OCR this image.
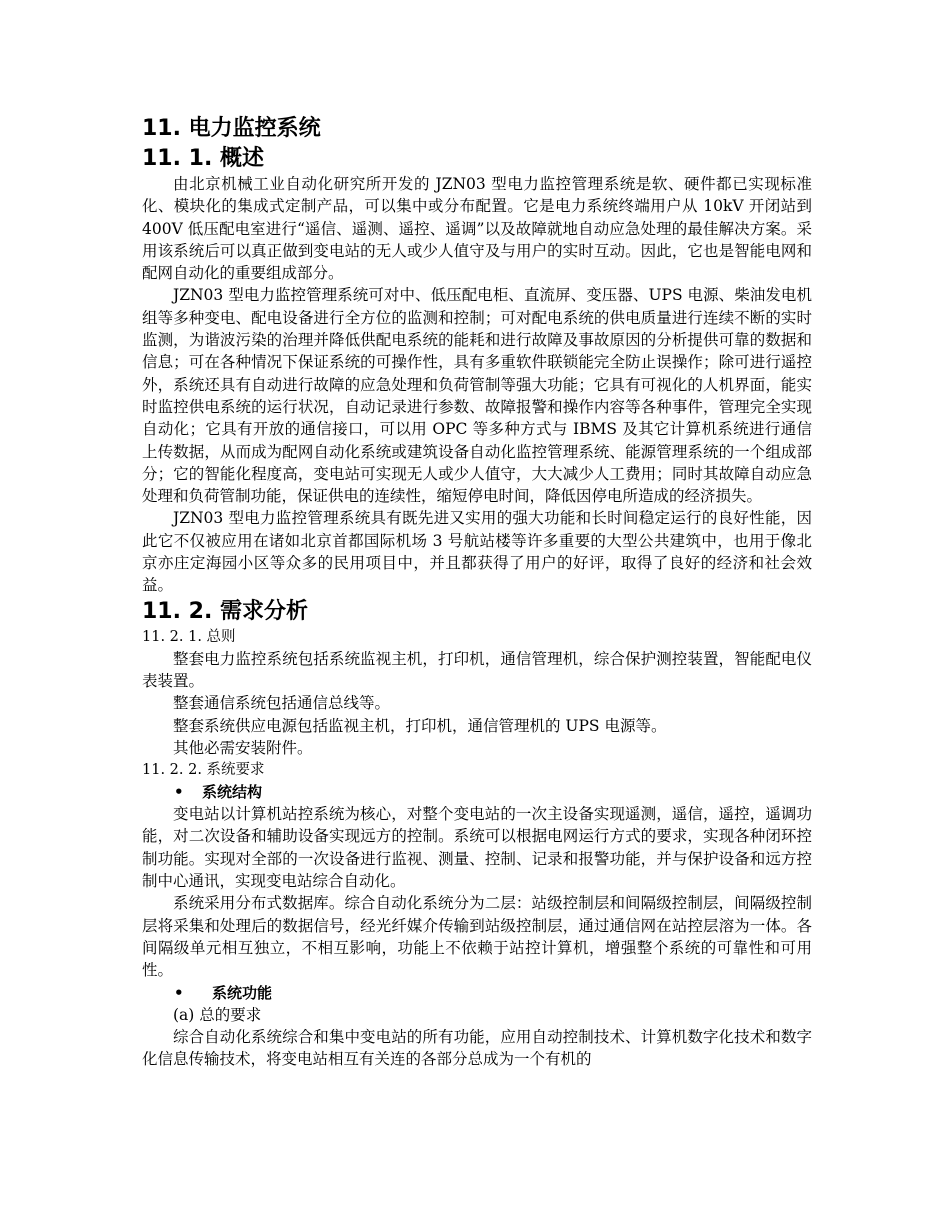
11. 电力监控系统
11. 1. 概述

由北京机械工业自动化研究所开发的 JZN03 型电力监控管理系统是软、硬件都已实现标准化、模块化的集成式定制产品，可以集中或分布配置。它是电力系统终端用户从 10kV 开闭站到 400V 低压配电室进行“遥信、遥测、遥控、遥调”以及故障就地自动应急处理的最佳解决方案。采用该系统后可以真正做到变电站的无人或少人值守及与用户的实时互动。因此，它也是智能电网和配网自动化的重要组成部分。

JZN03 型电力监控管理系统可对中、低压配电柜、直流屏、变压器、UPS 电源、柴油发电机组等多种变电、配电设备进行全方位的监测和控制；可对配电系统的供电质量进行连续不断的实时监测，为谐波污染的治理并降低供配电系统的能耗和进行故障及事故原因的分析提供可靠的数据和信息；可在各种情况下保证系统的可操作性，具有多重软件联锁能完全防止误操作；除可进行遥控外，系统还具有自动进行故障的应急处理和负荷管制等强大功能；它具有可视化的人机界面，能实时监控供电系统的运行状况，自动记录进行参数、故障报警和操作内容等各种事件，管理完全实现自动化；它具有开放的通信接口，可以用 OPC 等多种方式与 IBMS 及其它计算机系统进行通信上传数据，从而成为配网自动化系统或建筑设备自动化监控管理系统、能源管理系统的一个组成部分；它的智能化程度高，变电站可实现无人或少人值守，大大减少人工费用；同时其故障自动应急处理和负荷管制功能，保证供电的连续性，缩短停电时间，降低因停电所造成的经济损失。

JZN03 型电力监控管理系统具有既先进又实用的强大功能和长时间稳定运行的良好性能，因此它不仅被应用在诸如北京首都国际机场 3 号航站楼等许多重要的大型公共建筑中，也用于像北京亦庄定海园小区等众多的民用项目中，并且都获得了用户的好评，取得了良好的经济和社会效益。

11. 2. 需求分析
11. 2. 1. 总则

整套电力监控系统包括系统监视主机，打印机，通信管理机，综合保护测控装置，智能配电仪表装置。

整套通信系统包括通信总线等。

整套系统供应电源包括监视主机，打印机，通信管理机的 UPS 电源等。

其他必需安装附件。

11. 2. 2. 系统要求
• 系统结构

变电站以计算机站控系统为核心，对整个变电站的一次主设备实现遥测，遥信，遥控，遥调功能，对二次设备和辅助设备实现远方的控制。系统可以根据电网运行方式的要求，实现各种闭环控制功能。实现对全部的一次设备进行监视、测量、控制、记录和报警功能，并与保护设备和远方控制中心通讯，实现变电站综合自动化。

系统采用分布式数据库。综合自动化系统分为二层：站级控制层和间隔级控制层，间隔级控制层将采集和处理后的数据信号，经光纤媒介传输到站级控制层，通过通信网在站控层溶为一体。各间隔级单元相互独立，不相互影响，功能上不依赖于站控计算机，增强整个系统的可靠性和可用性。

• 系统功能
(a) 总的要求

综合自动化系统综合和集中变电站的所有功能，应用自动控制技术、计算机数字化技术和数字化信息传输技术，将变电站相互有关连的各部分总成为一个有机的
